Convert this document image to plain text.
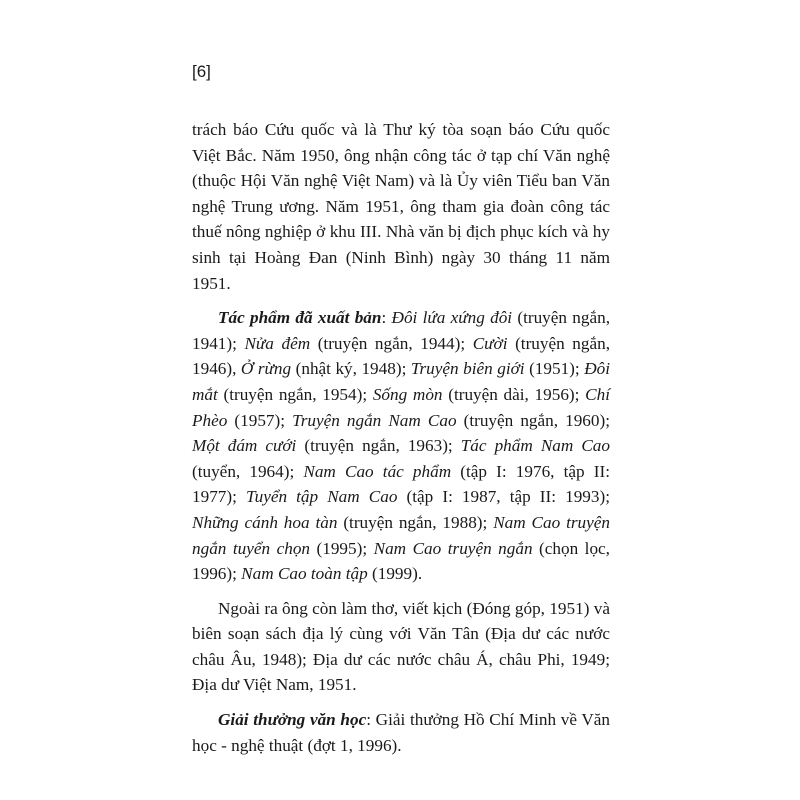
[6]

trách báo Cứu quốc và là Thư ký tòa soạn báo Cứu quốc Việt Bắc. Năm 1950, ông nhận công tác ở tạp chí Văn nghệ (thuộc Hội Văn nghệ Việt Nam) và là Ủy viên Tiểu ban Văn nghệ Trung ương. Năm 1951, ông tham gia đoàn công tác thuế nông nghiệp ở khu III. Nhà văn bị địch phục kích và hy sinh tại Hoàng Đan (Ninh Bình) ngày 30 tháng 11 năm 1951.

Tác phẩm đã xuất bản: Đôi lứa xứng đôi (truyện ngắn, 1941); Nửa đêm (truyện ngắn, 1944); Cười (truyện ngắn, 1946), Ở rừng (nhật ký, 1948); Truyện biên giới (1951); Đôi mắt (truyện ngắn, 1954); Sống mòn (truyện dài, 1956); Chí Phèo (1957); Truyện ngắn Nam Cao (truyện ngắn, 1960); Một đám cưới (truyện ngắn, 1963); Tác phẩm Nam Cao (tuyển, 1964); Nam Cao tác phẩm (tập I: 1976, tập II: 1977); Tuyển tập Nam Cao (tập I: 1987, tập II: 1993); Những cánh hoa tàn (truyện ngắn, 1988); Nam Cao truyện ngắn tuyển chọn (1995); Nam Cao truyện ngắn (chọn lọc, 1996); Nam Cao toàn tập (1999).

Ngoài ra ông còn làm thơ, viết kịch (Đóng góp, 1951) và biên soạn sách địa lý cùng với Văn Tân (Địa dư các nước châu Âu, 1948); Địa dư các nước châu Á, châu Phi, 1949; Địa dư Việt Nam, 1951.

Giải thưởng văn học: Giải thưởng Hồ Chí Minh về Văn học - nghệ thuật (đợt 1, 1996).
